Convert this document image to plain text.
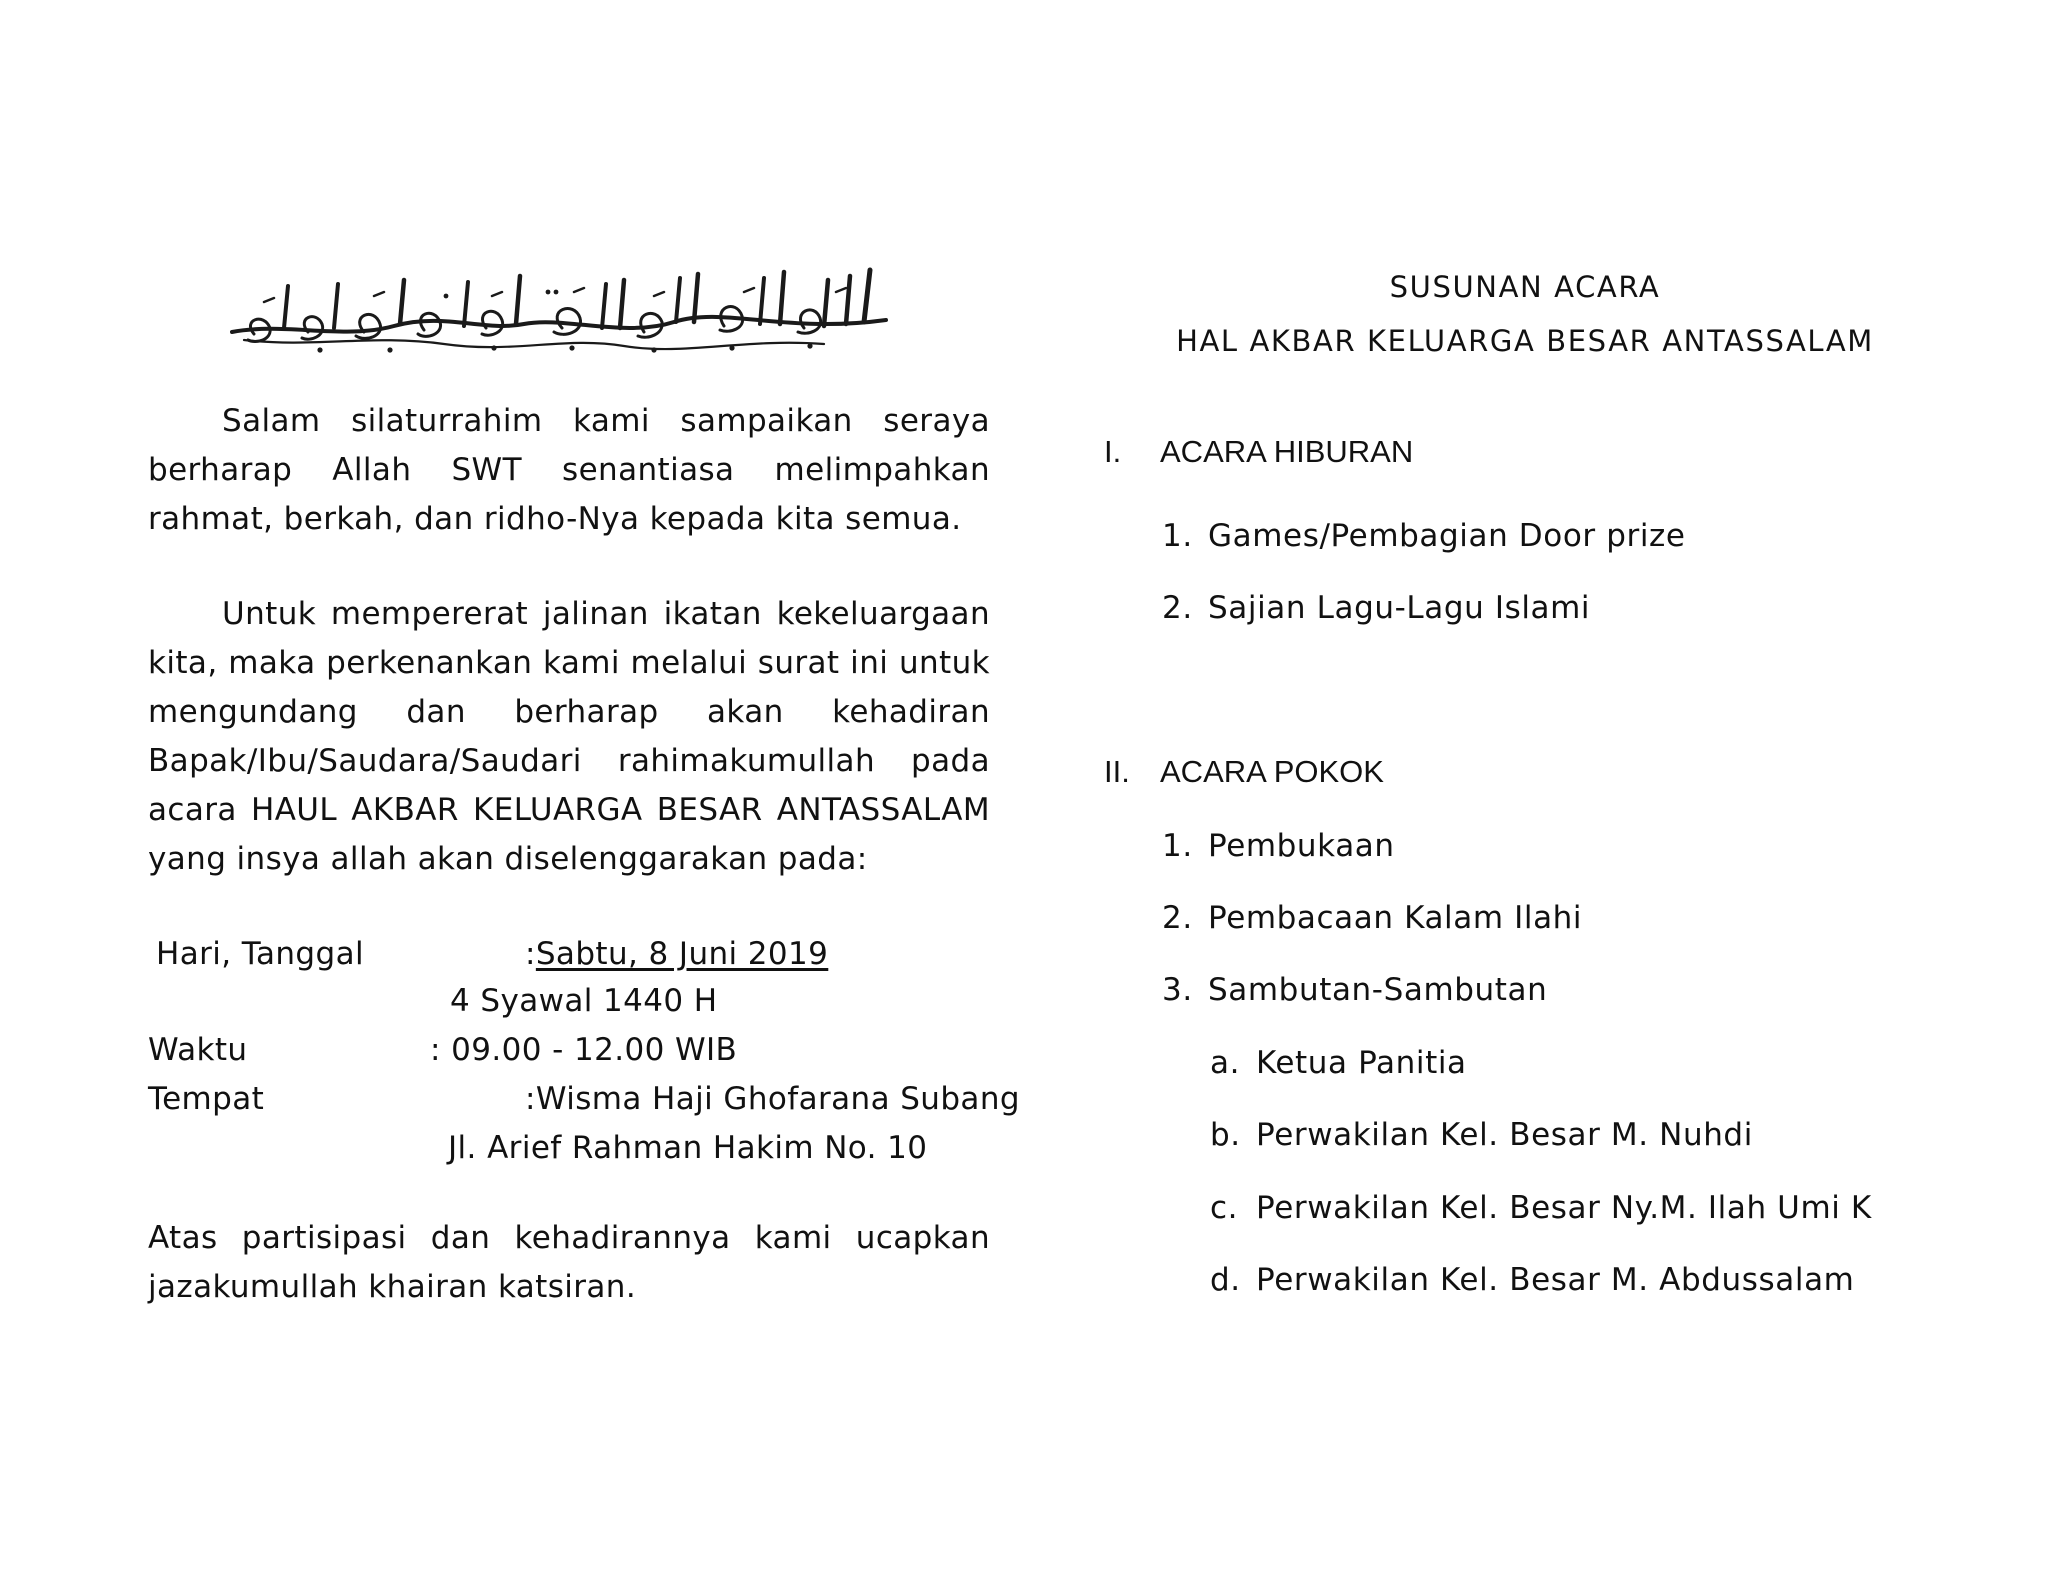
Salam silaturrahim kami sampaikan seraya berharap Allah SWT senantiasa melimpahkan rahmat, berkah, dan ridho-Nya kepada kita semua.

Untuk mempererat jalinan ikatan kekeluargaan kita, maka perkenankan kami melalui surat ini untuk mengundang dan berharap akan kehadiran Bapak/Ibu/Saudara/Saudari rahimakumullah pada acara HAUL AKBAR KELUARGA BESAR ANTASSALAM yang insya allah akan diselenggarakan pada:

Hari, Tanggal	:Sabtu, 8 Juni 2019
4 Syawal 1440 H
Waktu	: 09.00 - 12.00 WIB
Tempat	:Wisma Haji Ghofarana Subang
Jl. Arief Rahman Hakim No. 10

Atas partisipasi dan kehadirannya kami ucapkan jazakumullah khairan katsiran.

SUSUNAN ACARA
HAL AKBAR KELUARGA BESAR ANTASSALAM
I. ACARA HIBURAN
1. Games/Pembagian Door prize
2. Sajian Lagu-Lagu Islami
II. ACARA POKOK
1. Pembukaan
2. Pembacaan Kalam Ilahi
3. Sambutan-Sambutan
a. Ketua Panitia
b. Perwakilan Kel. Besar M. Nuhdi
c. Perwakilan Kel. Besar Ny.M. Ilah Umi K
d. Perwakilan Kel. Besar M. Abdussalam
